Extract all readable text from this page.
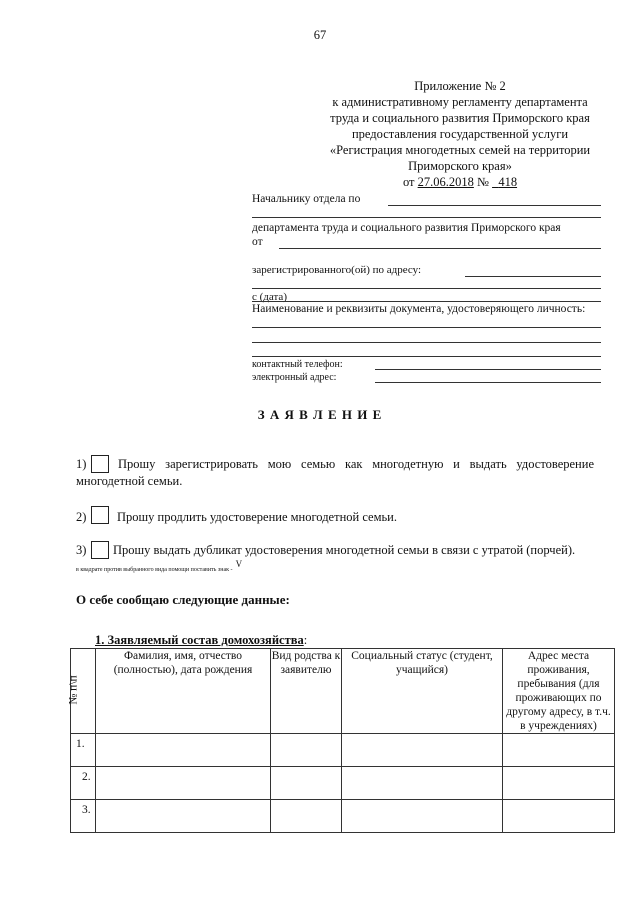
67
Приложение № 2
к административному регламенту департамента
труда и социального развития Приморского края
предоставления государственной услуги
«Регистрация многодетных семей на территории
Приморского края»
от 27.06.2018 №   418
Начальнику отдела по
департамента труда и социального развития Приморского края
от
зарегистрированного(ой) по адресу:
с (дата)
Наименование и реквизиты документа, удостоверяющего личность:
контактный телефон:
электронный адрес:
З А Я В Л Е Н И Е
1)	Прошу зарегистрировать мою семью как многодетную и выдать удостоверение
многодетной семьи.
2) Прошу продлить удостоверение многодетной семьи.
3) Прошу выдать дубликат удостоверения многодетной семьи в связи с утратой (порчей).
в квадрате против выбранного вида помощи поставить знак -V
О себе сообщаю следующие данные:
1. Заявляемый состав домохозяйства:
№ п\п	Фамилия, имя, отчество (полностью), дата рождения	Вид родства к заявителю	Социальный статус (студент, учащийся)	Адрес места проживания, пребывания (для проживающих по другому адресу, в т.ч. в учреждениях)
1.				
2.				
3.				
